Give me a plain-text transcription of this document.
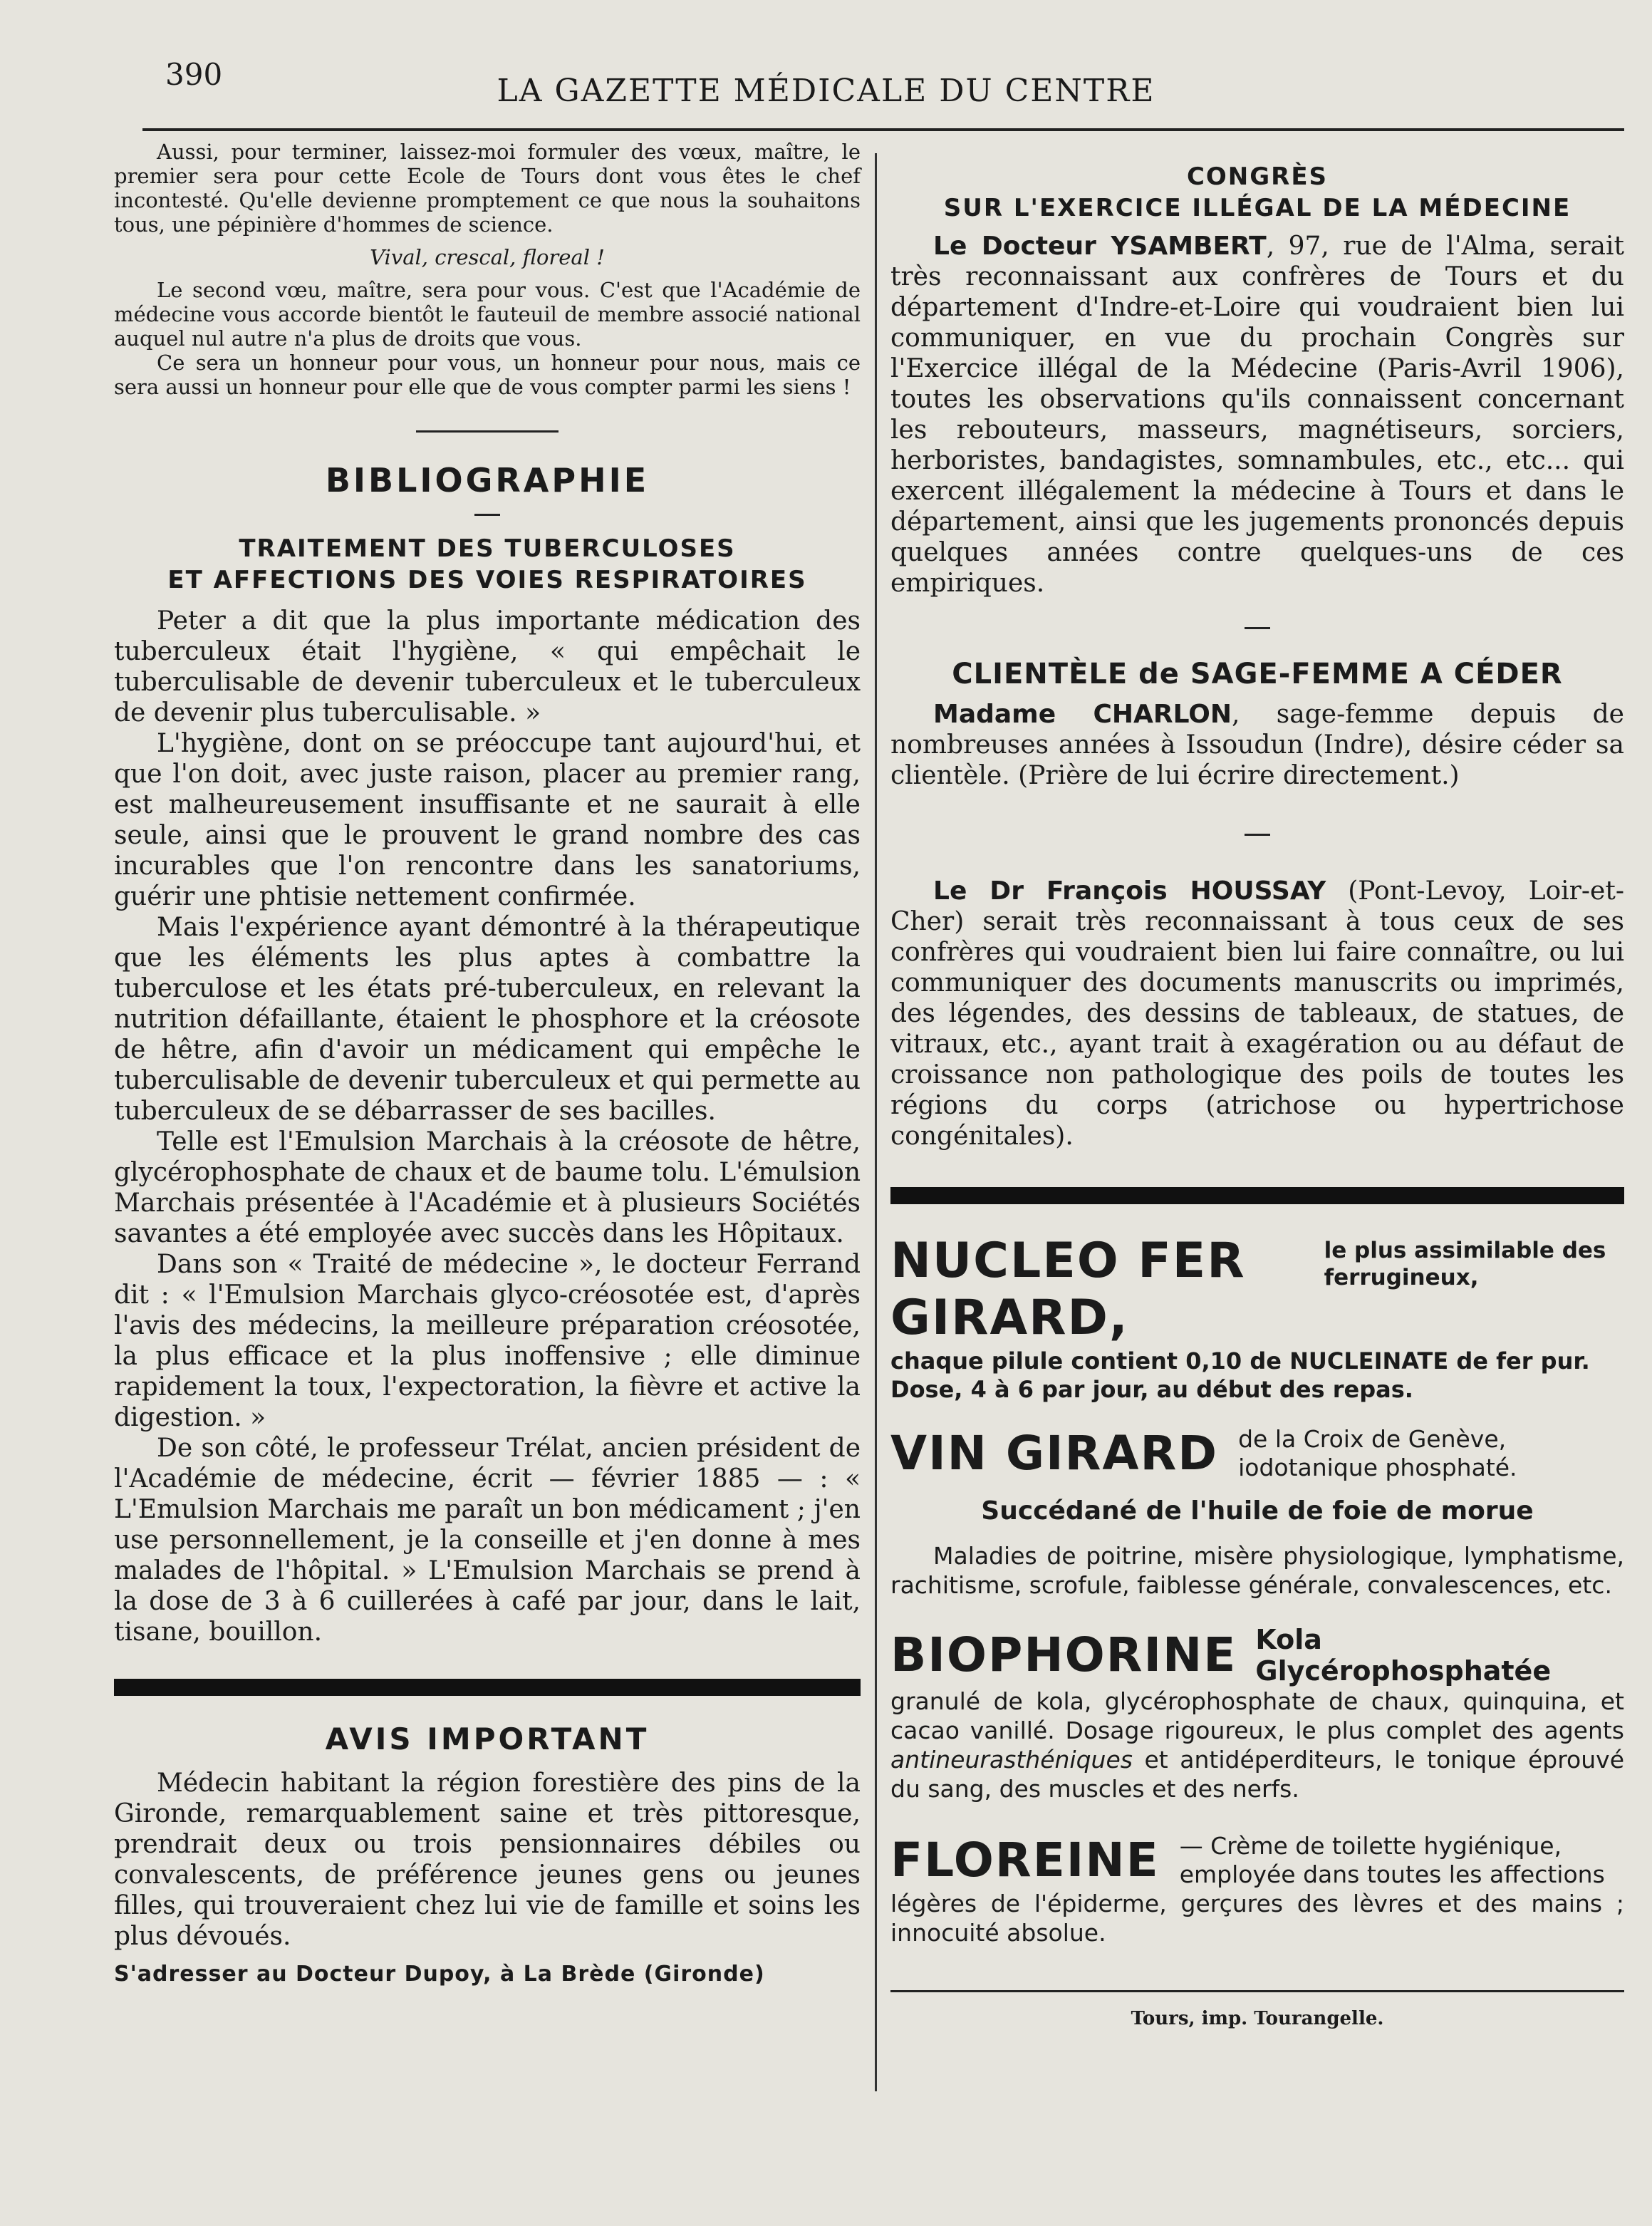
390	LA GAZETTE MÉDICALE DU CENTRE

Aussi, pour terminer, laissez-moi formuler des vœux, maître, le premier sera pour cette Ecole de Tours dont vous êtes le chef incontesté. Qu'elle devienne promptement ce que nous la souhaitons tous, une pépinière d'hommes de science.

Vival, crescal, floreal !

Le second vœu, maître, sera pour vous. C'est que l'Académie de médecine vous accorde bientôt le fauteuil de membre associé national auquel nul autre n'a plus de droits que vous.

Ce sera un honneur pour vous, un honneur pour nous, mais ce sera aussi un honneur pour elle que de vous compter parmi les siens !

BIBLIOGRAPHIE
TRAITEMENT DES TUBERCULOSES
ET AFFECTIONS DES VOIES RESPIRATOIRES

Peter a dit que la plus importante médication des tuberculeux était l'hygiène, « qui empêchait le tuberculisable de devenir tuberculeux et le tuberculeux de devenir plus tuberculisable. »

L'hygiène, dont on se préoccupe tant aujourd'hui, et que l'on doit, avec juste raison, placer au premier rang, est malheureusement insuffisante et ne saurait à elle seule, ainsi que le prouvent le grand nombre des cas incurables que l'on rencontre dans les sanatoriums, guérir une phtisie nettement confirmée.

Mais l'expérience ayant démontré à la thérapeutique que les éléments les plus aptes à combattre la tuberculose et les états pré-tuberculeux, en relevant la nutrition défaillante, étaient le phosphore et la créosote de hêtre, afin d'avoir un médicament qui empêche le tuberculisable de devenir tuberculeux et qui permette au tuberculeux de se débarrasser de ses bacilles.

Telle est l'Emulsion Marchais à la créosote de hêtre, glycérophosphate de chaux et de baume tolu. L'émulsion Marchais présentée à l'Académie et à plusieurs Sociétés savantes a été employée avec succès dans les Hôpitaux.

Dans son « Traité de médecine », le docteur Ferrand dit : « l'Emulsion Marchais glyco-créosotée est, d'après l'avis des médecins, la meilleure préparation créosotée, la plus efficace et la plus inoffensive ; elle diminue rapidement la toux, l'expectoration, la fièvre et active la digestion. »

De son côté, le professeur Trélat, ancien président de l'Académie de médecine, écrit — février 1885 — : « L'Emulsion Marchais me paraît un bon médicament ; j'en use personnellement, je la conseille et j'en donne à mes malades de l'hôpital. » L'Emulsion Marchais se prend à la dose de 3 à 6 cuillerées à café par jour, dans le lait, tisane, bouillon.

AVIS IMPORTANT

Médecin habitant la région forestière des pins de la Gironde, remarquablement saine et très pittoresque, prendrait deux ou trois pensionnaires débiles ou convalescents, de préférence jeunes gens ou jeunes filles, qui trouveraient chez lui vie de famille et soins les plus dévoués.

S'adresser au Docteur Dupoy, à La Brède (Gironde)

CONGRÈS
SUR L'EXERCICE ILLÉGAL DE LA MÉDECINE

Le Docteur YSAMBERT, 97, rue de l'Alma, serait très reconnaissant aux confrères de Tours et du département d'Indre-et-Loire qui voudraient bien lui communiquer, en vue du prochain Congrès sur l'Exercice illégal de la Médecine (Paris-Avril 1906), toutes les observations qu'ils connaissent concernant les rebouteurs, masseurs, magnétiseurs, sorciers, herboristes, bandagistes, somnambules, etc., etc... qui exercent illégalement la médecine à Tours et dans le département, ainsi que les jugements prononcés depuis quelques années contre quelques-uns de ces empiriques.

CLIENTÈLE de SAGE-FEMME A CÉDER

Madame CHARLON, sage-femme depuis de nombreuses années à Issoudun (Indre), désire céder sa clientèle. (Prière de lui écrire directement.)

Le Dr François HOUSSAY (Pont-Levoy, Loir-et-Cher) serait très reconnaissant à tous ceux de ses confrères qui voudraient bien lui faire connaître, ou lui communiquer des documents manuscrits ou imprimés, des légendes, des dessins de tableaux, de statues, de vitraux, etc., ayant trait à exagération ou au défaut de croissance non pathologique des poils de toutes les régions du corps (atrichose ou hypertrichose congénitales).

NUCLEO FER GIRARD,
le plus assimilable des ferrugineux,

chaque pilule contient 0,10 de NUCLEINATE de fer pur.

Dose, 4 à 6 par jour, au début des repas.

VIN GIRARD de la Croix de Genève, iodotanique phosphaté.

Succédané de l'huile de foie de morue

Maladies de poitrine, misère physiologique, lymphatisme, rachitisme, scrofule, faiblesse générale, convalescences, etc.

BIOPHORINE Kola Glycérophosphatée

granulé de kola, glycérophosphate de chaux, quinquina, et cacao vanillé. Dosage rigoureux, le plus complet des agents antineurasthéniques et antidéperditeurs, le tonique éprouvé du sang, des muscles et des nerfs.

FLOREINE — Crème de toilette hygiénique, employée dans toutes les affections

légères de l'épiderme, gerçures des lèvres et des mains ; innocuité absolue.

Tours, imp. Tourangelle.
